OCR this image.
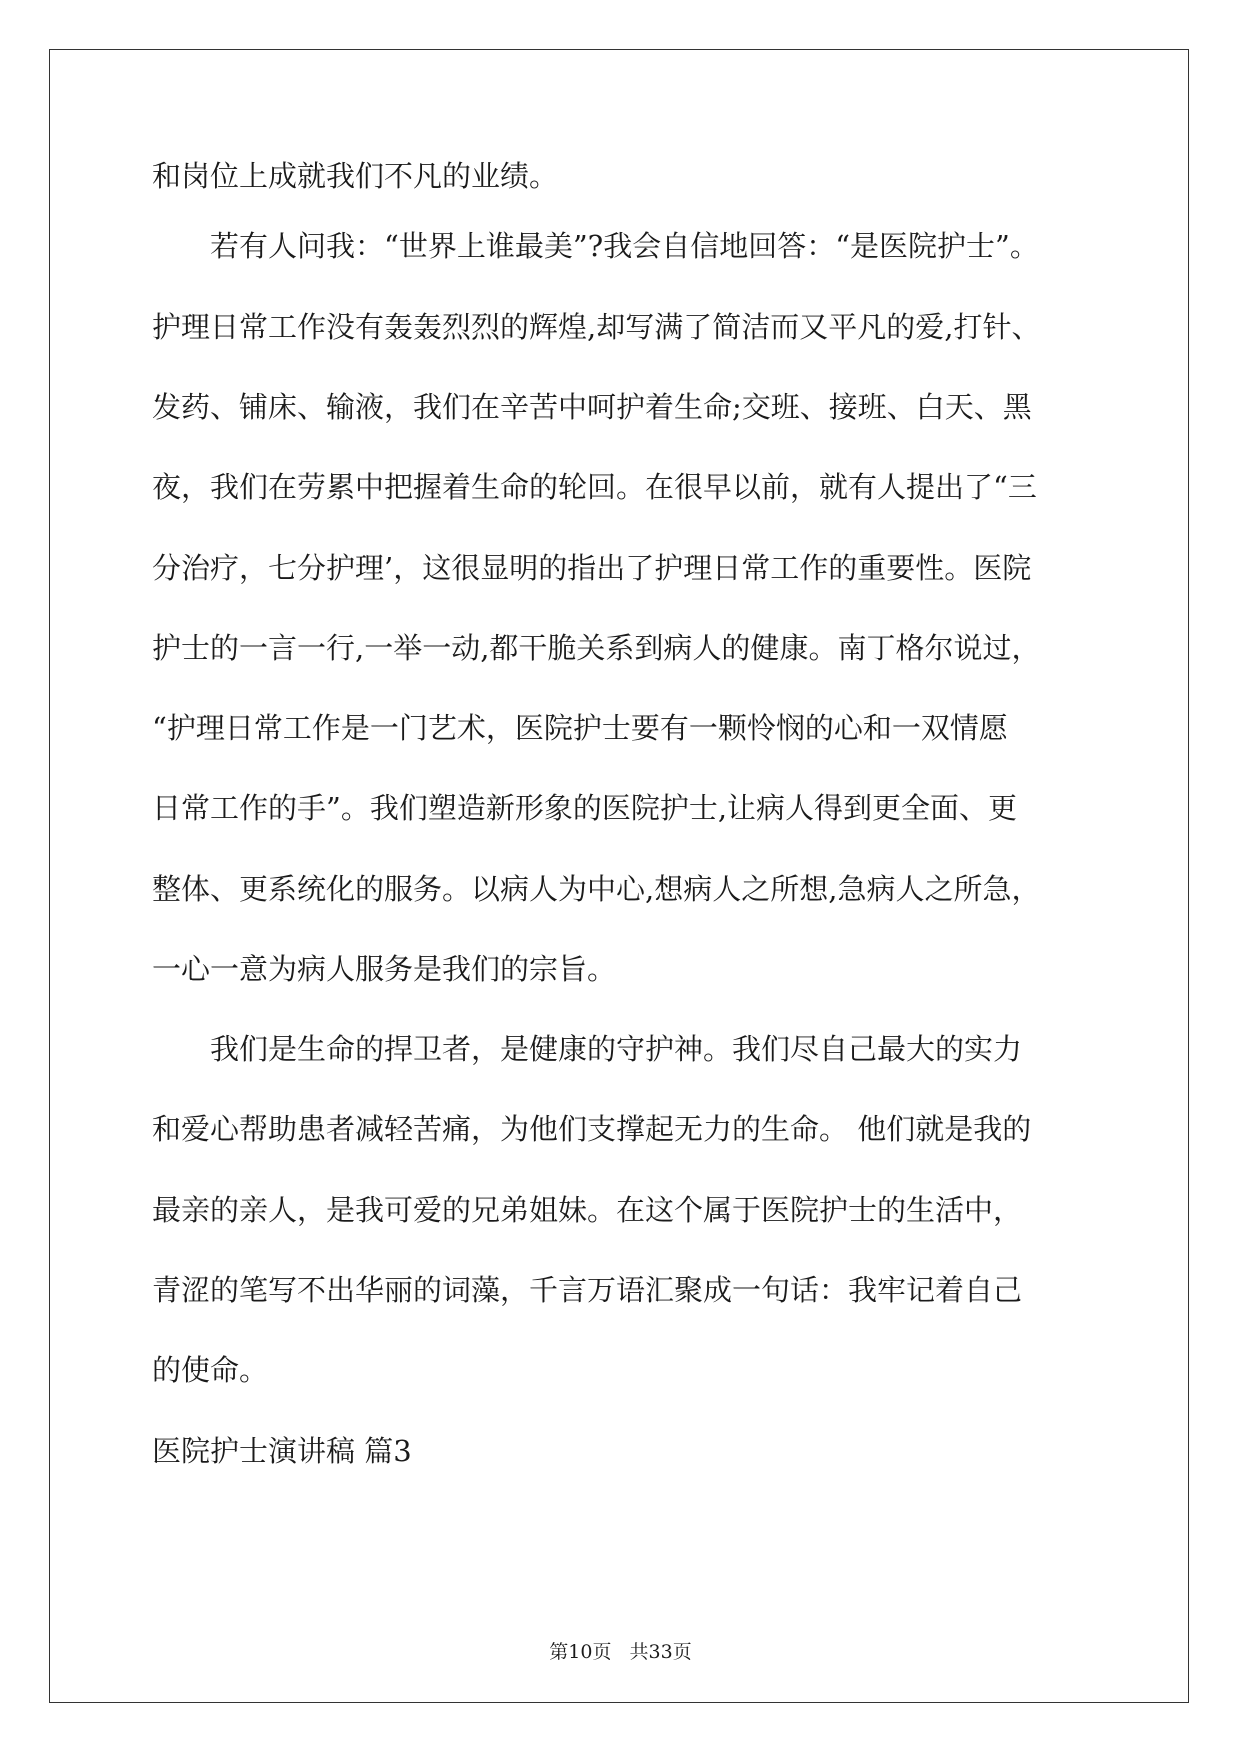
和岗位上成就我们不凡的业绩。
　　若有人问我：“世界上谁最美”?我会自信地回答：“是医院护士”。
护理日常工作没有轰轰烈烈的辉煌,却写满了简洁而又平凡的爱,打针、
发药、铺床、输液，我们在辛苦中呵护着生命;交班、接班、白天、黑
夜，我们在劳累中把握着生命的轮回。在很早以前，就有人提出了“三
分治疗，七分护理’，这很显明的指出了护理日常工作的重要性。医院
护士的一言一行,一举一动,都干脆关系到病人的健康。南丁格尔说过，
“护理日常工作是一门艺术，医院护士要有一颗怜悯的心和一双情愿
日常工作的手”。我们塑造新形象的医院护士,让病人得到更全面、更
整体、更系统化的服务。以病人为中心,想病人之所想,急病人之所急，
一心一意为病人服务是我们的宗旨。
　　我们是生命的捍卫者，是健康的守护神。我们尽自己最大的实力
和爱心帮助患者减轻苦痛，为他们支撑起无力的生命。 他们就是我的
最亲的亲人，是我可爱的兄弟姐妹。在这个属于医院护士的生活中，
青涩的笔写不出华丽的词藻，千言万语汇聚成一句话：我牢记着自己
的使命。
医院护士演讲稿 篇3
第10页 共33页
